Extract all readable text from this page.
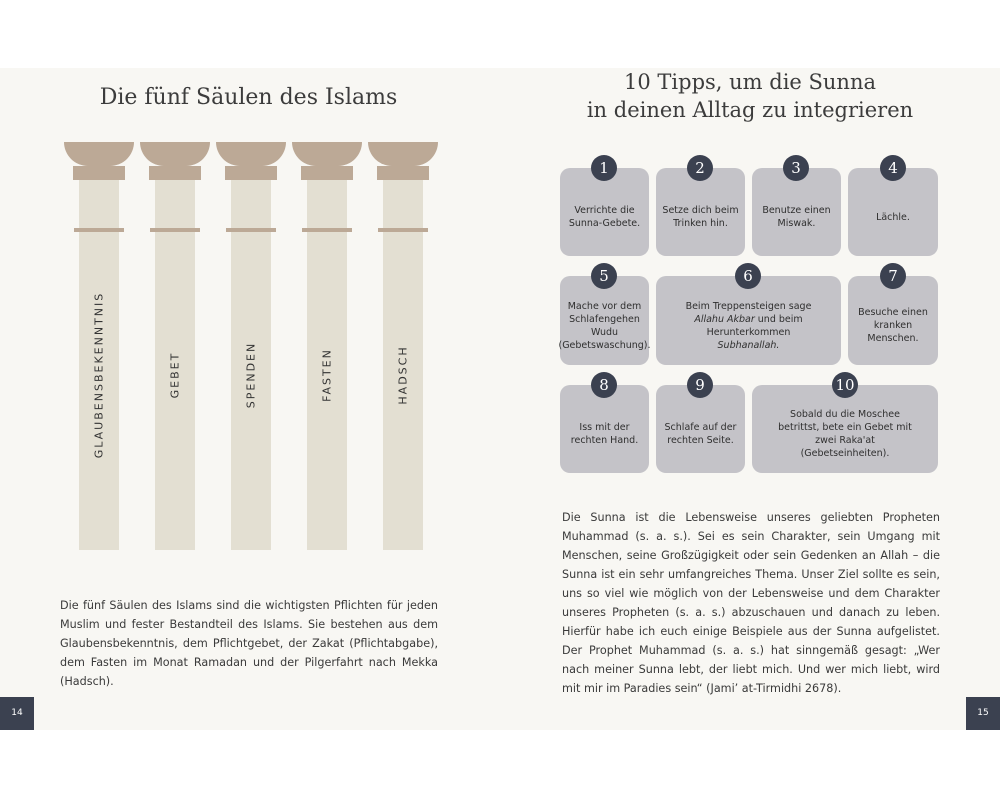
Die fünf Säulen des Islams
GLAUBENSBEKENNTNIS	GEBET	SPENDEN	FASTEN	HADSCH

Die fünf Säulen des Islams sind die wichtigsten Pflichten für jeden Muslim und fester Bestandteil des Islams. Sie bestehen aus dem Glaubensbekenntnis, dem Pflichtgebet, der Zakat (Pflichtabgabe), dem Fasten im Monat Ramadan und der Pilgerfahrt nach Mekka (Hadsch).

14
10 Tipps, um die Sunna
in deinen Alltag zu integrieren
1
Verrichte die Sunna-Gebete.
2
Setze dich beim Trinken hin.
3
Benutze einen Miswak.
4
Lächle.
5
Mache vor dem Schlafengehen Wudu (Gebetswaschung).
6
Beim Treppensteigen sage
Allahu Akbar und beim Herunterkommen
Subhanallah.
7
Besuche einen kranken Menschen.
8
Iss mit der rechten Hand.
9
Schlafe auf der rechten Seite.
10
Sobald du die Moschee betrittst, bete ein Gebet mit zwei Raka'at (Gebetseinheiten).

Die Sunna ist die Lebensweise unseres geliebten Propheten Muhammad (s. a. s.). Sei es sein Charakter, sein Umgang mit Menschen, seine Großzügigkeit oder sein Gedenken an Allah – die Sunna ist ein sehr umfangreiches Thema. Unser Ziel sollte es sein, uns so viel wie möglich von der Lebensweise und dem Charakter unseres Propheten (s. a. s.) abzuschauen und danach zu leben. Hierfür habe ich euch einige Beispiele aus der Sunna aufgelistet. Der Prophet Muhammad (s. a. s.) hat sinngemäß gesagt: „Wer nach meiner Sunna lebt, der liebt mich. Und wer mich liebt, wird mit mir im Paradies sein“ (Jami’ at-Tirmidhi 2678).

15
